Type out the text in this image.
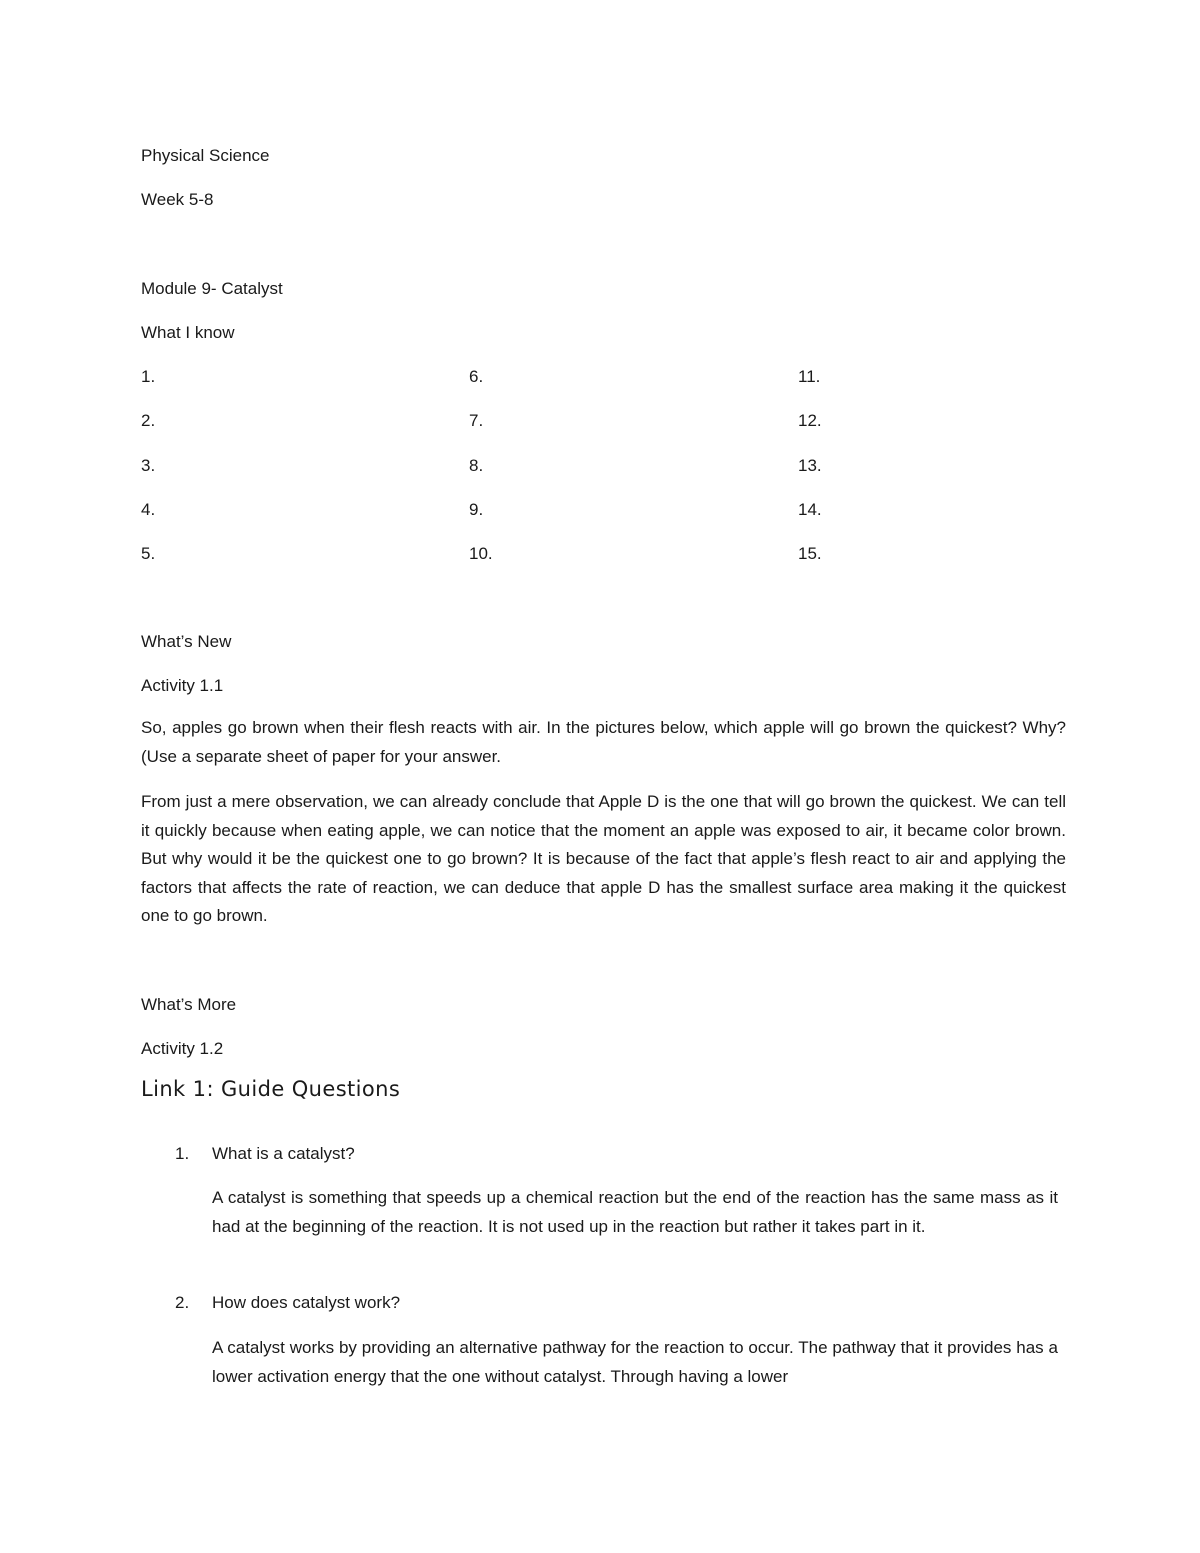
Physical Science
Week 5-8
Module 9- Catalyst
What I know
1.
2.
3.
4.
5.
6.
7.
8.
9.
10.
11.
12.
13.
14.
15.
What’s New
Activity 1.1
So, apples go brown when their flesh reacts with air. In the pictures below, which apple will go brown the quickest? Why? (Use a separate sheet of paper for your answer.
From just a mere observation, we can already conclude that Apple D is the one that will go brown the quickest. We can tell it quickly because when eating apple, we can notice that the moment an apple was exposed to air, it became color brown. But why would it be the quickest one to go brown? It is because of the fact that apple’s flesh react to air and applying the factors that affects the rate of reaction, we can deduce that apple D has the smallest surface area making it the quickest one to go brown.
What’s More
Activity 1.2
Link 1: Guide Questions
1. What is a catalyst?
A catalyst is something that speeds up a chemical reaction but the end of the reaction has the same mass as it had at the beginning of the reaction. It is not used up in the reaction but rather it takes part in it.
2. How does catalyst work?
A catalyst works by providing an alternative pathway for the reaction to occur. The pathway that it provides has a lower activation energy that the one without catalyst. Through having a lower
